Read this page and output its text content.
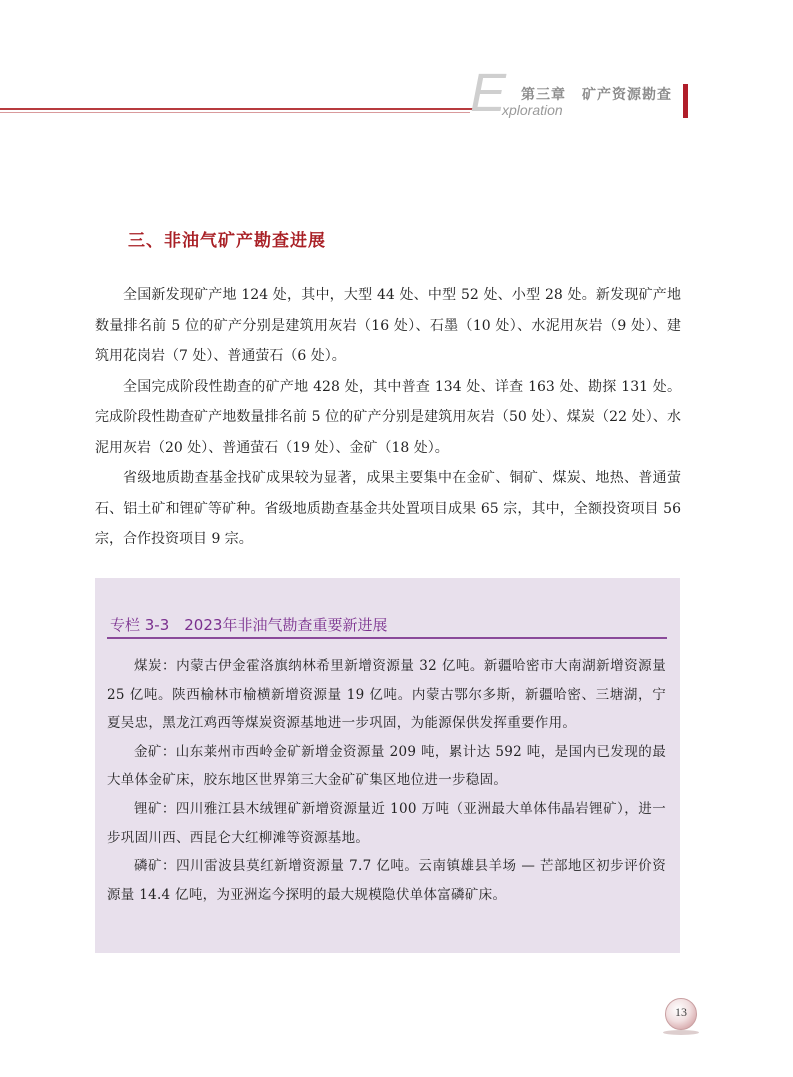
E
xploration
第三章 矿产资源勘查
三、非油气矿产勘查进展

全国新发现矿产地 124 处，其中，大型 44 处、中型 52 处、小型 28 处。新发现矿产地数量排名前 5 位的矿产分别是建筑用灰岩（16 处）、石墨（10 处）、水泥用灰岩（9 处）、建筑用花岗岩（7 处）、普通萤石（6 处）。

全国完成阶段性勘查的矿产地 428 处，其中普查 134 处、详查 163 处、勘探 131 处。完成阶段性勘查矿产地数量排名前 5 位的矿产分别是建筑用灰岩（50 处）、煤炭（22 处）、水泥用灰岩（20 处）、普通萤石（19 处）、金矿（18 处）。

省级地质勘查基金找矿成果较为显著，成果主要集中在金矿、铜矿、煤炭、地热、普通萤石、铝土矿和锂矿等矿种。省级地质勘查基金共处置项目成果 65 宗，其中，全额投资项目 56 宗，合作投资项目 9 宗。

专栏 3-3　2023年非油气勘查重要新进展

煤炭：内蒙古伊金霍洛旗纳林希里新增资源量 32 亿吨。新疆哈密市大南湖新增资源量 25 亿吨。陕西榆林市榆横新增资源量 19 亿吨。内蒙古鄂尔多斯，新疆哈密、三塘湖，宁夏吴忠，黑龙江鸡西等煤炭资源基地进一步巩固，为能源保供发挥重要作用。

金矿：山东莱州市西岭金矿新增金资源量 209 吨，累计达 592 吨，是国内已发现的最大单体金矿床，胶东地区世界第三大金矿矿集区地位进一步稳固。

锂矿：四川雅江县木绒锂矿新增资源量近 100 万吨（亚洲最大单体伟晶岩锂矿），进一步巩固川西、西昆仑大红柳滩等资源基地。

磷矿：四川雷波县莫红新增资源量 7.7 亿吨。云南镇雄县羊场 — 芒部地区初步评价资源量 14.4 亿吨，为亚洲迄今探明的最大规模隐伏单体富磷矿床。

13
